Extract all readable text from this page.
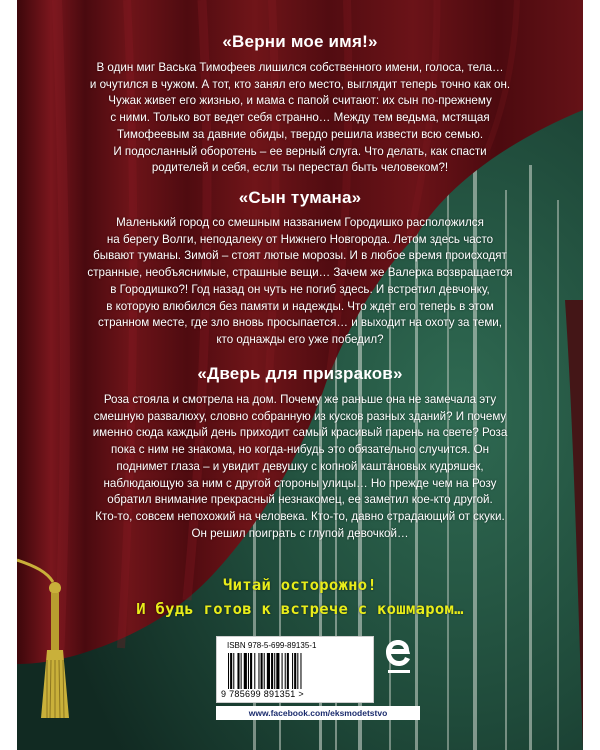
«Верни мое имя!»
В один миг Васька Тимофеев лишился собственного имени, голоса, тела…
и очутился в чужом. А тот, кто занял его место, выглядит теперь точно как он.
Чужак живет его жизнью, и мама с папой считают: их сын по-прежнему
с ними. Только вот ведет себя странно… Между тем ведьма, мстящая
Тимофеевым за давние обиды, твердо решила извести всю семью.
И подосланный оборотень – ее верный слуга. Что делать, как спасти
родителей и себя, если ты перестал быть человеком?!
«Сын тумана»
Маленький город со смешным названием Городишко расположился
на берегу Волги, неподалеку от Нижнего Новгорода. Летом здесь часто
бывают туманы. Зимой – стоят лютые морозы. И в любое время происходят
странные, необъяснимые, страшные вещи… Зачем же Валерка возвращается
в Городишко?! Год назад он чуть не погиб здесь. И встретил девчонку,
в которую влюбился без памяти и надежды. Что ждет его теперь в этом
странном месте, где зло вновь просыпается… и выходит на охоту за теми,
кто однажды его уже победил?
«Дверь для призраков»
Роза стояла и смотрела на дом. Почему же раньше она не замечала эту
смешную развалюху, словно собранную из кусков разных зданий? И почему
именно сюда каждый день приходит самый красивый парень на свете? Роза
пока с ним не знакома, но когда-нибудь это обязательно случится. Он
поднимет глаза – и увидит девушку с копной каштановых кудряшек,
наблюдающую за ним с другой стороны улицы… Но прежде чем на Розу
обратил внимание прекрасный незнакомец, ее заметил кое-кто другой.
Кто-то, совсем непохожий на человека. Кто-то, давно страдающий от скуки.
Он решил поиграть с глупой девочкой…
Читай осторожно!
И будь готов к встрече с кошмаром…
ISBN 978-5-699-89135-1
9 785699 891351 >
www.facebook.com/eksmodetstvo
